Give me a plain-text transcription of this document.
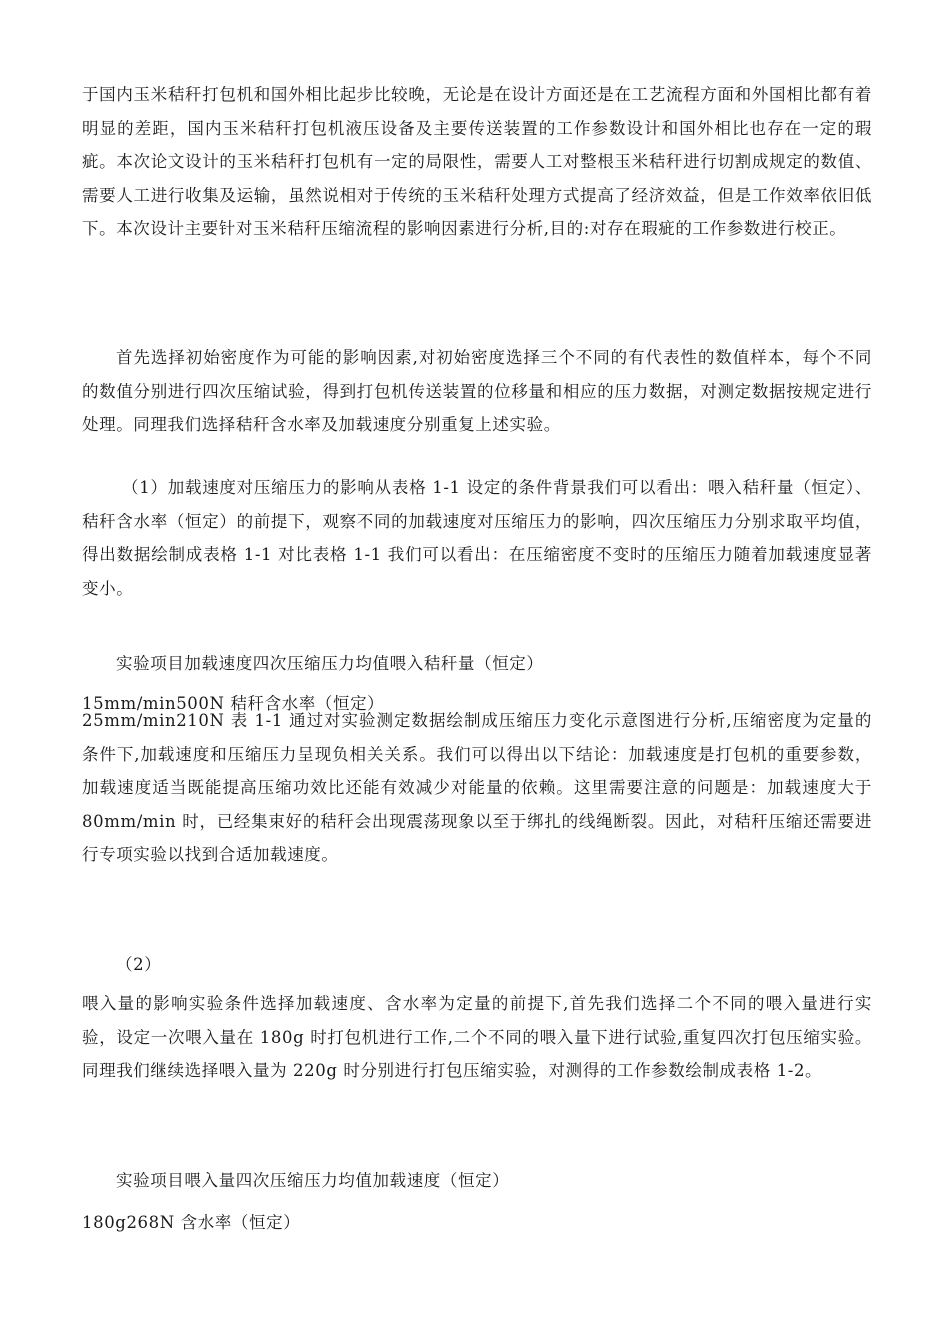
于国内玉米秸秆打包机和国外相比起步比较晚，无论是在设计方面还是在工艺流程方面和外国相比都有着明显的差距，国内玉米秸秆打包机液压设备及主要传送装置的工作参数设计和国外相比也存在一定的瑕疵。本次论文设计的玉米秸秆打包机有一定的局限性，需要人工对整根玉米秸秆进行切割成规定的数值、需要人工进行收集及运输，虽然说相对于传统的玉米秸秆处理方式提高了经济效益，但是工作效率依旧低下。本次设计主要针对玉米秸秆压缩流程的影响因素进行分析,目的:对存在瑕疵的工作参数进行校正。

首先选择初始密度作为可能的影响因素,对初始密度选择三个不同的有代表性的数值样本，每个不同的数值分别进行四次压缩试验，得到打包机传送装置的位移量和相应的压力数据，对测定数据按规定进行处理。同理我们选择秸秆含水率及加载速度分别重复上述实验。

（1）加载速度对压缩压力的影响从表格 1-1 设定的条件背景我们可以看出：喂入秸秆量（恒定）、秸秆含水率（恒定）的前提下，观察不同的加载速度对压缩压力的影响，四次压缩压力分别求取平均值，得出数据绘制成表格 1-1 对比表格 1-1 我们可以看出：在压缩密度不变时的压缩压力随着加载速度显著变小。

实验项目加载速度四次压缩压力均值喂入秸秆量（恒定）

15mm/min500N 秸秆含水率（恒定）

25mm/min210N 表 1-1 通过对实验测定数据绘制成压缩压力变化示意图进行分析,压缩密度为定量的条件下,加载速度和压缩压力呈现负相关关系。我们可以得出以下结论：加载速度是打包机的重要参数，加载速度适当既能提高压缩功效比还能有效减少对能量的依赖。这里需要注意的问题是：加载速度大于 80mm/min 时，已经集束好的秸秆会出现震荡现象以至于绑扎的线绳断裂。因此，对秸秆压缩还需要进行专项实验以找到合适加载速度。

（2）

喂入量的影响实验条件选择加载速度、含水率为定量的前提下,首先我们选择二个不同的喂入量进行实验，设定一次喂入量在 180g 时打包机进行工作,二个不同的喂入量下进行试验,重复四次打包压缩实验。同理我们继续选择喂入量为 220g 时分别进行打包压缩实验，对测得的工作参数绘制成表格 1-2。

实验项目喂入量四次压缩压力均值加载速度（恒定）

180g268N 含水率（恒定）
